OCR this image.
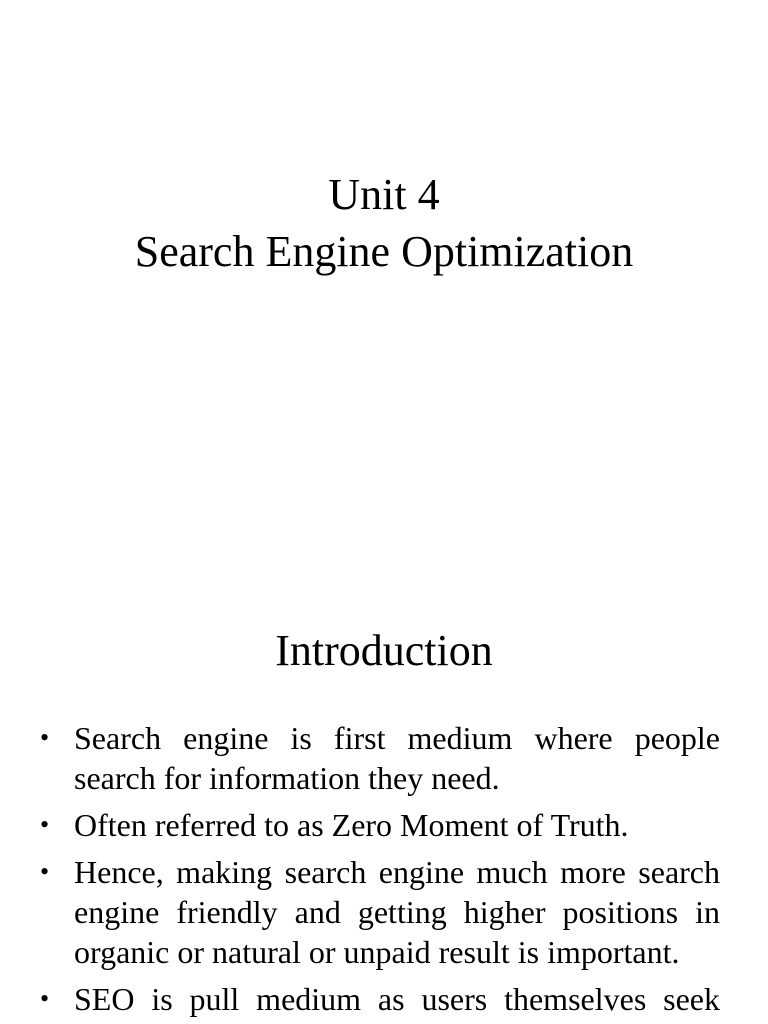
Unit 4
Search Engine Optimization
Introduction
• Search engine is first medium where people search for information they need.
• Often referred to as Zero Moment of Truth.
• Hence, making search engine much more search engine friendly and getting higher positions in organic or natural or unpaid result is important.
• SEO is pull medium as users themselves seek
